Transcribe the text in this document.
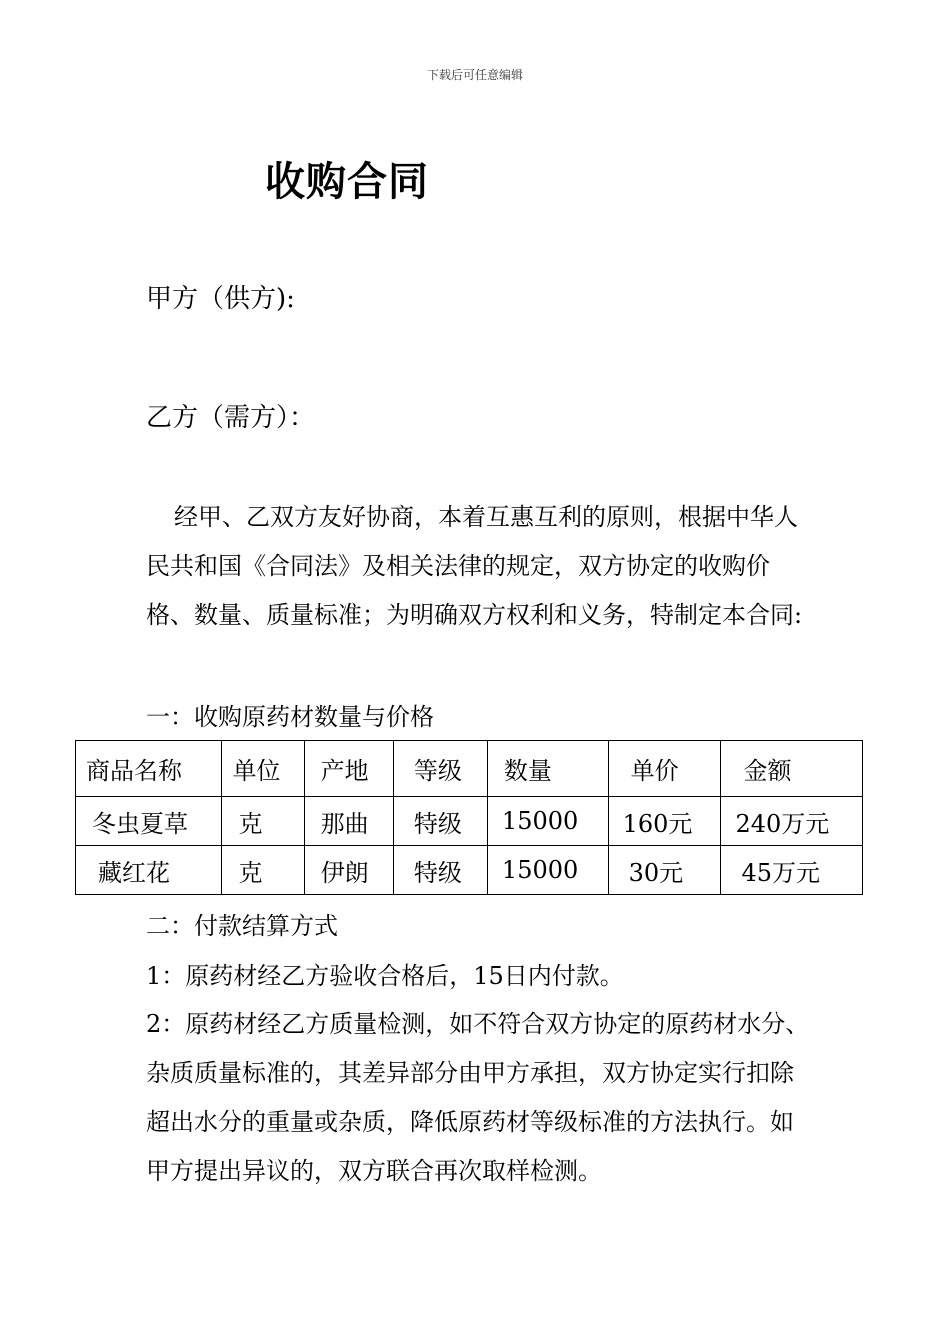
下载后可任意编辑
收购合同
甲方（供方):
乙方（需方）：
经甲、乙双方友好协商，本着互惠互利的原则，根据中华人民共和国《合同法》及相关法律的规定，双方协定的收购价格、数量、质量标准；为明确双方权利和义务，特制定本合同:
一：收购原药材数量与价格
商品名称	单位	产地	等级	数量	单价	金额
冬虫夏草	克	那曲	特级	15000	160元	240万元
藏红花	克	伊朗	特级	15000	30元	45万元
二：付款结算方式
1：原药材经乙方验收合格后，15日内付款。
2：原药材经乙方质量检测，如不符合双方协定的原药材水分、杂质质量标准的，其差异部分由甲方承担，双方协定实行扣除超出水分的重量或杂质，降低原药材等级标准的方法执行。如甲方提出异议的，双方联合再次取样检测。
